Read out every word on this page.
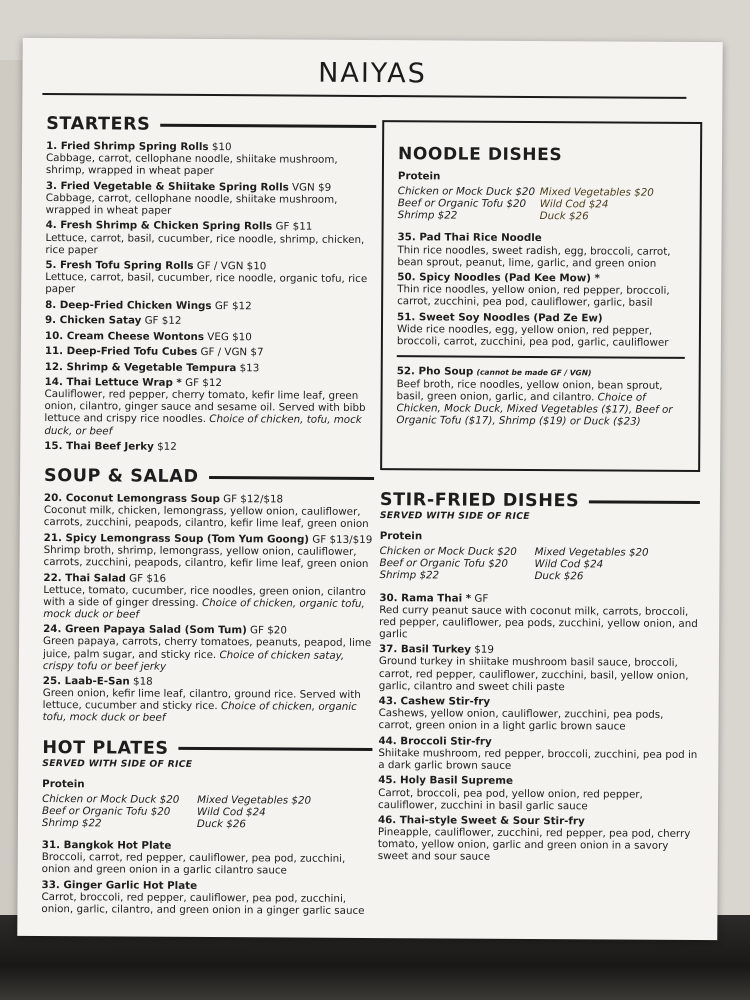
NAIYAS
STARTERS
1. Fried Shrimp Spring Rolls $10
Cabbage, carrot, cellophane noodle, shiitake mushroom, shrimp, wrapped in wheat paper
3. Fried Vegetable & Shiitake Spring Rolls VGN $9
Cabbage, carrot, cellophane noodle, shiitake mushroom, wrapped in wheat paper
4. Fresh Shrimp & Chicken Spring Rolls GF $11
Lettuce, carrot, basil, cucumber, rice noodle, shrimp, chicken, rice paper
5. Fresh Tofu Spring Rolls GF / VGN $10
Lettuce, carrot, basil, cucumber, rice noodle, organic tofu, rice paper
8. Deep-Fried Chicken Wings GF $12
9. Chicken Satay GF $12
10. Cream Cheese Wontons VEG $10
11. Deep-Fried Tofu Cubes GF / VGN $7
12. Shrimp & Vegetable Tempura $13
14. Thai Lettuce Wrap * GF $12
Cauliflower, red pepper, cherry tomato, kefir lime leaf, green onion, cilantro, ginger sauce and sesame oil. Served with bibb lettuce and crispy rice noodles. Choice of chicken, tofu, mock duck, or beef
15. Thai Beef Jerky $12
SOUP & SALAD
20. Coconut Lemongrass Soup GF $12/$18
Coconut milk, chicken, lemongrass, yellow onion, cauliflower, carrots, zucchini, peapods, cilantro, kefir lime leaf, green onion
21. Spicy Lemongrass Soup (Tom Yum Goong) GF $13/$19
Shrimp broth, shrimp, lemongrass, yellow onion, cauliflower, carrots, zucchini, peapods, cilantro, kefir lime leaf, green onion
22. Thai Salad GF $16
Lettuce, tomato, cucumber, rice noodles, green onion, cilantro with a side of ginger dressing. Choice of chicken, organic tofu, mock duck or beef
24. Green Papaya Salad (Som Tum) GF $20
Green papaya, carrots, cherry tomatoes, peanuts, peapod, lime juice, palm sugar, and sticky rice. Choice of chicken satay, crispy tofu or beef jerky
25. Laab-E-San $18
Green onion, kefir lime leaf, cilantro, ground rice. Served with lettuce, cucumber and sticky rice. Choice of chicken, organic tofu, mock duck or beef
HOT PLATES
SERVED WITH SIDE OF RICE
Protein
Chicken or Mock Duck $20	Mixed Vegetables $20
Beef or Organic Tofu $20	Wild Cod $24
Shrimp $22	Duck $26
31. Bangkok Hot Plate
Broccoli, carrot, red pepper, cauliflower, pea pod, zucchini, onion and green onion in a garlic cilantro sauce
33. Ginger Garlic Hot Plate
Carrot, broccoli, red pepper, cauliflower, pea pod, zucchini, onion, garlic, cilantro, and green onion in a ginger garlic sauce
NOODLE DISHES
Protein
Chicken or Mock Duck $20 Mixed Vegetables $20
Beef or Organic Tofu $20	Wild Cod $24
Shrimp $22	Duck $26
35. Pad Thai Rice Noodle
Thin rice noodles, sweet radish, egg, broccoli, carrot, bean sprout, peanut, lime, garlic, and green onion
50. Spicy Noodles (Pad Kee Mow) *
Thin rice noodles, yellow onion, red pepper, broccoli, carrot, zucchini, pea pod, cauliflower, garlic, basil
51. Sweet Soy Noodles (Pad Ze Ew)
Wide rice noodles, egg, yellow onion, red pepper, broccoli, carrot, zucchini, pea pod, garlic, cauliflower
52. Pho Soup (cannot be made GF / VGN)
Beef broth, rice noodles, yellow onion, bean sprout, basil, green onion, garlic, and cilantro. Choice of Chicken, Mock Duck, Mixed Vegetables ($17), Beef or Organic Tofu ($17), Shrimp ($19) or Duck ($23)
STIR-FRIED DISHES
SERVED WITH SIDE OF RICE
Protein
Chicken or Mock Duck $20	Mixed Vegetables $20
Beef or Organic Tofu $20	Wild Cod $24
Shrimp $22	Duck $26
30. Rama Thai * GF
Red curry peanut sauce with coconut milk, carrots, broccoli, red pepper, cauliflower, pea pods, zucchini, yellow onion, and garlic
37. Basil Turkey $19
Ground turkey in shiitake mushroom basil sauce, broccoli, carrot, red pepper, cauliflower, zucchini, basil, yellow onion, garlic, cilantro and sweet chili paste
43. Cashew Stir-fry
Cashews, yellow onion, cauliflower, zucchini, pea pods, carrot, green onion in a light garlic brown sauce
44. Broccoli Stir-fry
Shiitake mushroom, red pepper, broccoli, zucchini, pea pod in a dark garlic brown sauce
45. Holy Basil Supreme
Carrot, broccoli, pea pod, yellow onion, red pepper, cauliflower, zucchini in basil garlic sauce
46. Thai-style Sweet & Sour Stir-fry
Pineapple, cauliflower, zucchini, red pepper, pea pod, cherry tomato, yellow onion, garlic and green onion in a savory sweet and sour sauce
